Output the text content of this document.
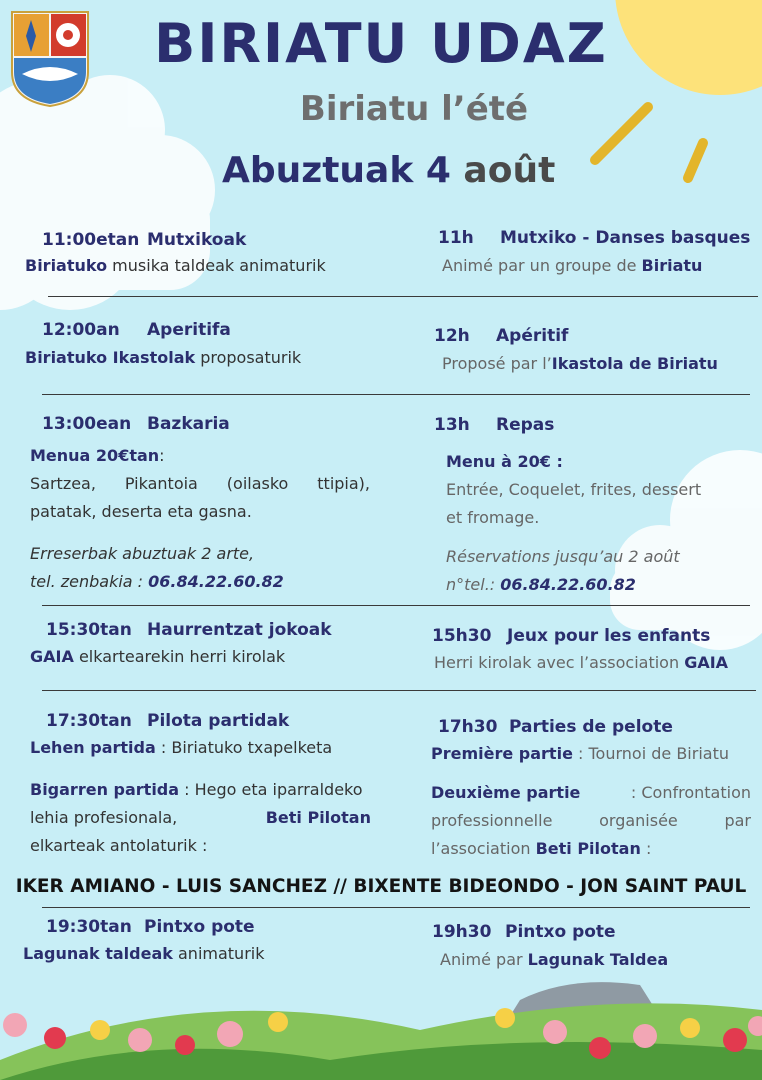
BIRIATU UDAZ
Biriatu l’été
Abuztuak 4 août
11:00etan Mutxikoak
Biriatuko musika taldeak animaturik
11h Mutxiko - Danses basques
Animé par un groupe de Biriatu
12:00an Aperitifa
Biriatuko Ikastolak proposaturik
12h Apéritif
Proposé par l’Ikastola de Biriatu
13:00ean Bazkaria
Menua 20€tan:
Sartzea, Pikantoia (oilasko ttipia),
patatak, deserta eta gasna.
Erreserbak abuztuak 2 arte,
tel. zenbakia : 06.84.22.60.82
13h Repas
Menu à 20€ :
Entrée, Coquelet, frites, dessert
et fromage.
Réservations jusqu’au 2 août
n°tel.: 06.84.22.60.82
15:30tan Haurrentzat jokoak
GAIA elkartearekin herri kirolak
15h30 Jeux pour les enfants
Herri kirolak avec l’association GAIA
17:30tan Pilota partidak
Lehen partida : Biriatuko txapelketa
Bigarren partida : Hego eta iparraldeko
lehia profesionala,	Beti Pilotan
elkarteak antolaturik :
17h30 Parties de pelote
Première partie : Tournoi de Biriatu
Deuxième partie	: Confrontation
professionnelle organisée par
l’association Beti Pilotan :
IKER AMIANO - LUIS SANCHEZ // BIXENTE BIDEONDO - JON SAINT PAUL
19:30tan Pintxo pote
Lagunak taldeak animaturik
19h30 Pintxo pote
Animé par Lagunak Taldea
